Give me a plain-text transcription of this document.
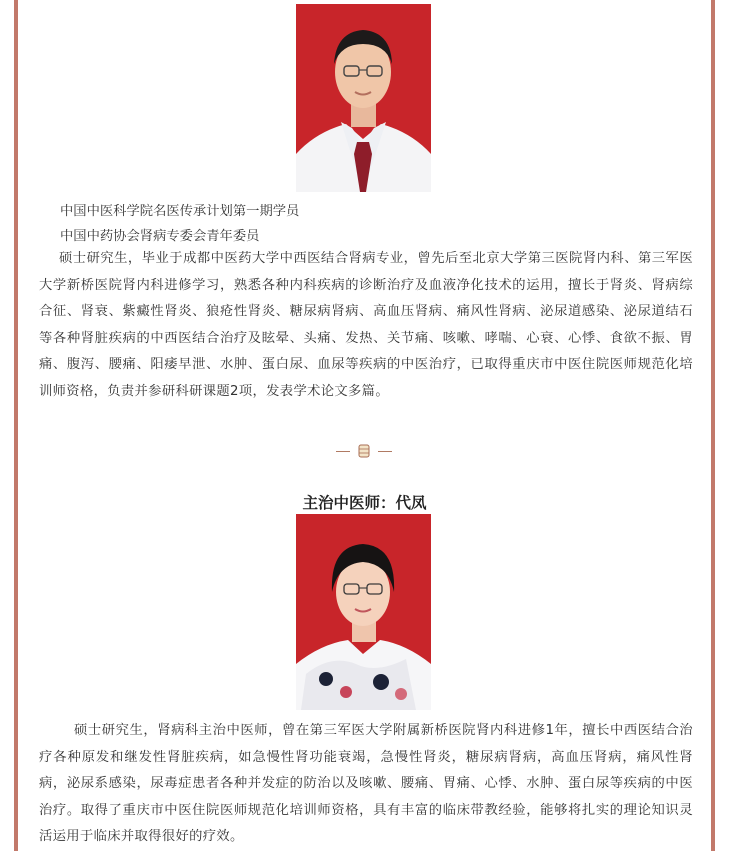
中国中医科学院名医传承计划第一期学员
中国中药协会肾病专委会青年委员
硕士研究生，毕业于成都中医药大学中西医结合肾病专业，曾先后至北京大学第三医院肾内科、第三军医大学新桥医院肾内科进修学习，熟悉各种内科疾病的诊断治疗及血液净化技术的运用，擅长于肾炎、肾病综合征、肾衰、紫癜性肾炎、狼疮性肾炎、糖尿病肾病、高血压肾病、痛风性肾病、泌尿道感染、泌尿道结石等各种肾脏疾病的中西医结合治疗及眩晕、头痛、发热、关节痛、咳嗽、哮喘、心衰、心悸、食欲不振、胃痛、腹泻、腰痛、阳痿早泄、水肿、蛋白尿、血尿等疾病的中医治疗，已取得重庆市中医住院医师规范化培训师资格，负责并参研科研课题2项，发表学术论文多篇。
主治中医师：代凤
硕士研究生，肾病科主治中医师，曾在第三军医大学附属新桥医院肾内科进修1年，擅长中西医结合治疗各种原发和继发性肾脏疾病，如急慢性肾功能衰竭，急慢性肾炎，糖尿病肾病，高血压肾病，痛风性肾病，泌尿系感染，尿毒症患者各种并发症的防治以及咳嗽、腰痛、胃痛、心悸、水肿、蛋白尿等疾病的中医治疗。取得了重庆市中医住院医师规范化培训师资格，具有丰富的临床带教经验，能够将扎实的理论知识灵活运用于临床并取得很好的疗效。
